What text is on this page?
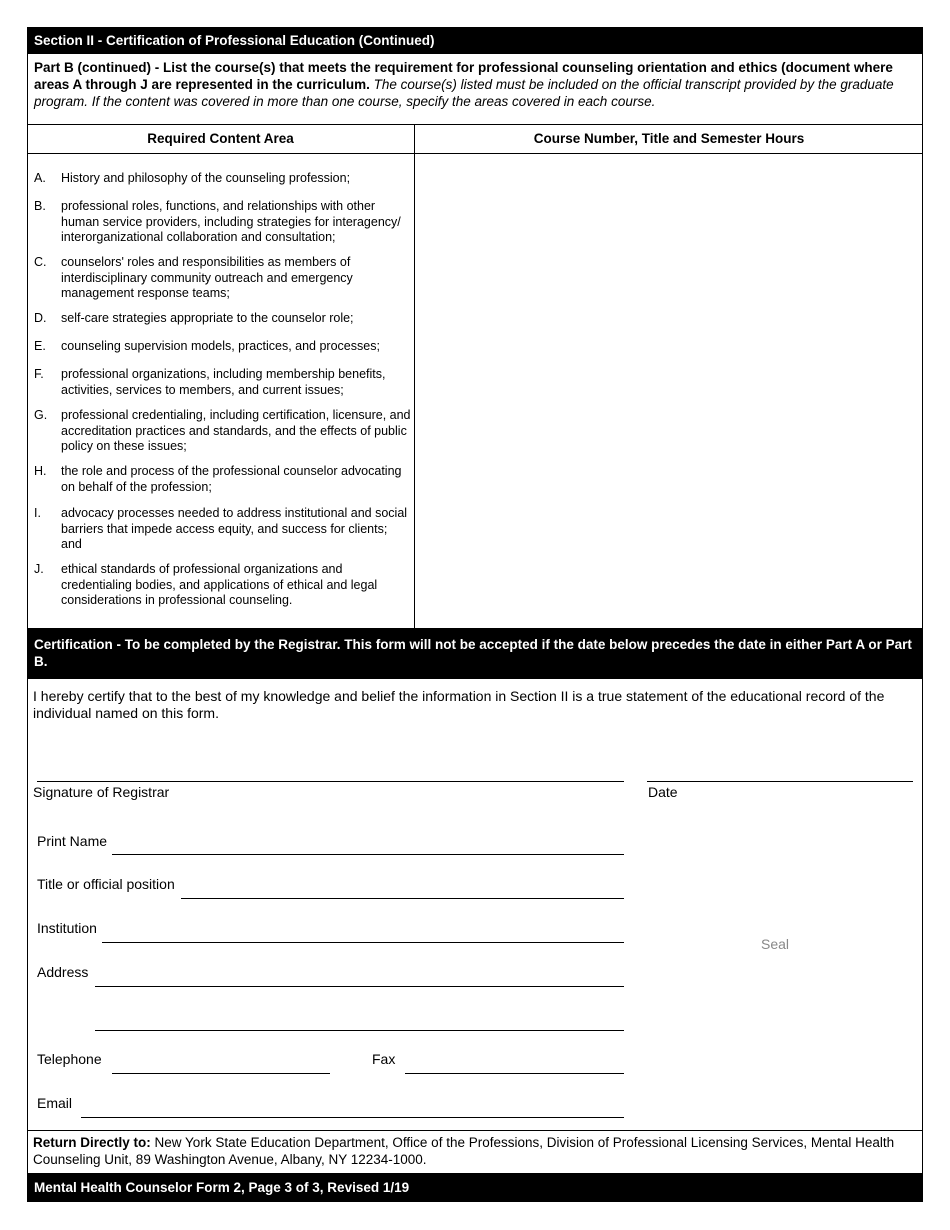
Section II - Certification of Professional Education (Continued)
Part B (continued) - List the course(s) that meets the requirement for professional counseling orientation and ethics (document where areas A through J are represented in the curriculum. The course(s) listed must be included on the official transcript provided by the graduate program. If the content was covered in more than one course, specify the areas covered in each course.
Required Content Area	Course Number, Title and Semester Hours
A. History and philosophy of the counseling profession;
B. professional roles, functions, and relationships with other human service providers, including strategies for interagency/ interorganizational collaboration and consultation;
C. counselors' roles and responsibilities as members of interdisciplinary community outreach and emergency management response teams;
D. self-care strategies appropriate to the counselor role;
E. counseling supervision models, practices, and processes;
F. professional organizations, including membership benefits, activities, services to members, and current issues;
G. professional credentialing, including certification, licensure, and accreditation practices and standards, and the effects of public policy on these issues;
H. the role and process of the professional counselor advocating on behalf of the profession;
I. advocacy processes needed to address institutional and social barriers that impede access equity, and success for clients; and
J. ethical standards of professional organizations and credentialing bodies, and applications of ethical and legal considerations in professional counseling.
Certification - To be completed by the Registrar. This form will not be accepted if the date below precedes the date in either Part A or Part B.
I hereby certify that to the best of my knowledge and belief the information in Section II is a true statement of the educational record of the individual named on this form.
Signature of Registrar	Date
Print Name
Title or official position
Institution
Seal
Address
Telephone	Fax
Email
Return Directly to: New York State Education Department, Office of the Professions, Division of Professional Licensing Services, Mental Health Counseling Unit, 89 Washington Avenue, Albany, NY 12234-1000.
Mental Health Counselor Form 2, Page 3 of 3, Revised 1/19
